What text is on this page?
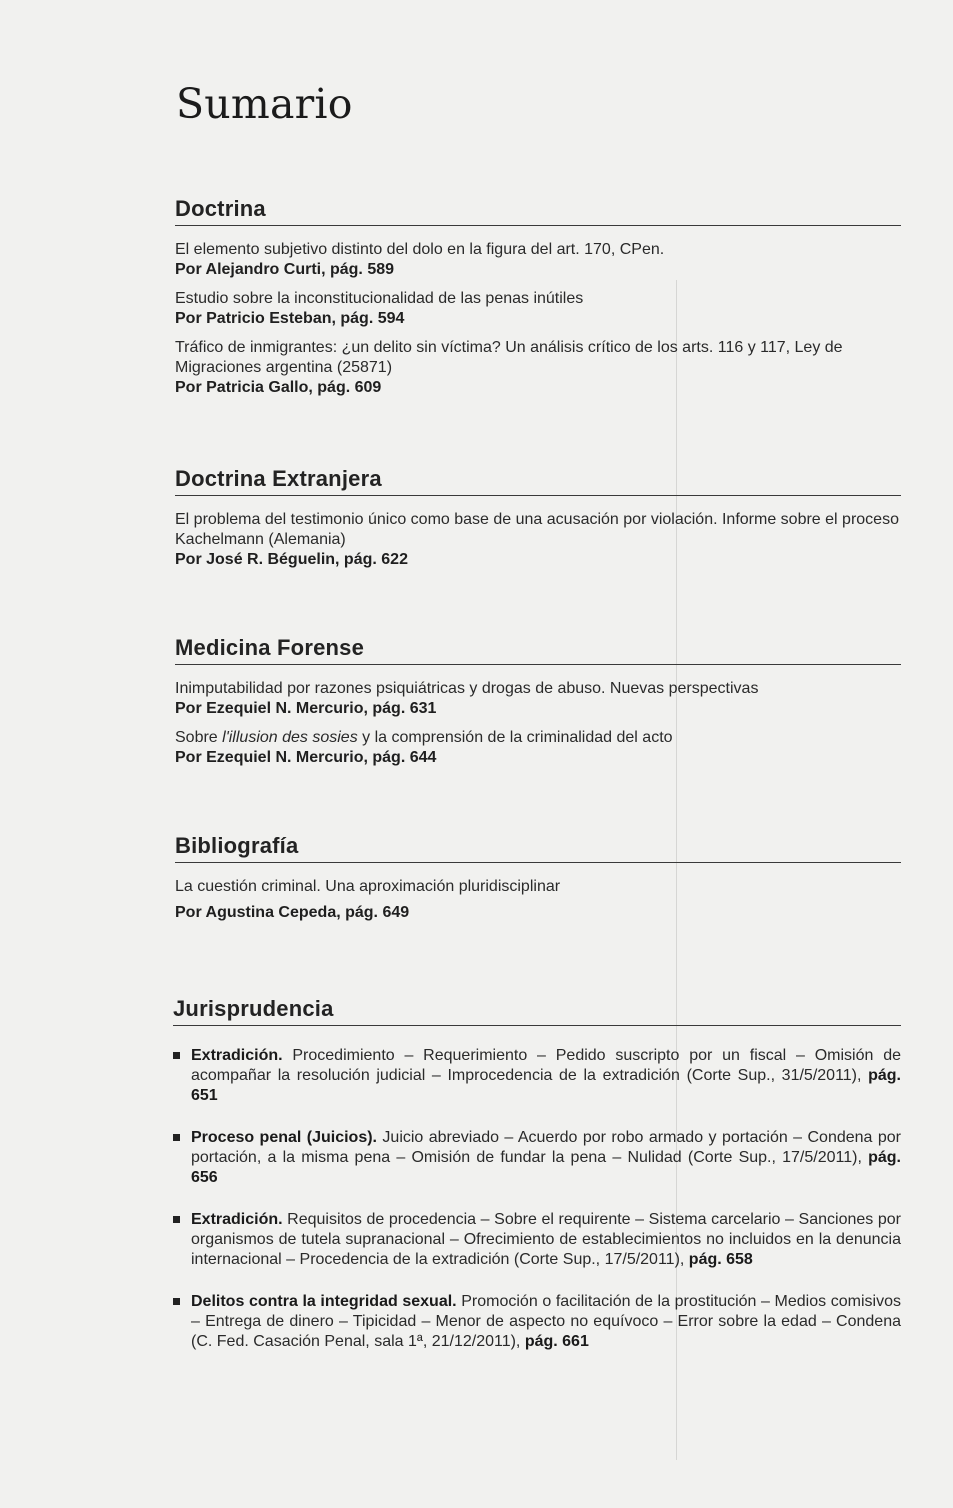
Sumario
Doctrina
El elemento subjetivo distinto del dolo en la figura del art. 170, CPen.
Por Alejandro Curti, pág. 589
Estudio sobre la inconstitucionalidad de las penas inútiles
Por Patricio Esteban, pág. 594
Tráfico de inmigrantes: ¿un delito sin víctima? Un análisis crítico de los arts. 116 y 117, Ley de Migraciones argentina (25871)
Por Patricia Gallo, pág. 609
Doctrina Extranjera
El problema del testimonio único como base de una acusación por violación. Informe sobre el proceso Kachelmann (Alemania)
Por José R. Béguelin, pág. 622
Medicina Forense
Inimputabilidad por razones psiquiátricas y drogas de abuso. Nuevas perspectivas
Por Ezequiel N. Mercurio, pág. 631
Sobre l'illusion des sosies y la comprensión de la criminalidad del acto
Por Ezequiel N. Mercurio, pág. 644
Bibliografía
La cuestión criminal. Una aproximación pluridisciplinar
Por Agustina Cepeda, pág. 649
Jurisprudencia
Extradición. Procedimiento – Requerimiento – Pedido suscripto por un fiscal – Omisión de acompañar la resolución judicial – Improcedencia de la extradición (Corte Sup., 31/5/2011), pág. 651
Proceso penal (Juicios). Juicio abreviado – Acuerdo por robo armado y portación – Condena por portación, a la misma pena – Omisión de fundar la pena – Nulidad (Corte Sup., 17/5/2011), pág. 656
Extradición. Requisitos de procedencia – Sobre el requirente – Sistema carcelario – Sanciones por organismos de tutela supranacional – Ofrecimiento de establecimientos no incluidos en la denuncia internacional – Procedencia de la extradición (Corte Sup., 17/5/2011), pág. 658
Delitos contra la integridad sexual. Promoción o facilitación de la prostitución – Medios comisivos – Entrega de dinero – Tipicidad – Menor de aspecto no equívoco – Error sobre la edad – Condena (C. Fed. Casación Penal, sala 1ª, 21/12/2011), pág. 661
